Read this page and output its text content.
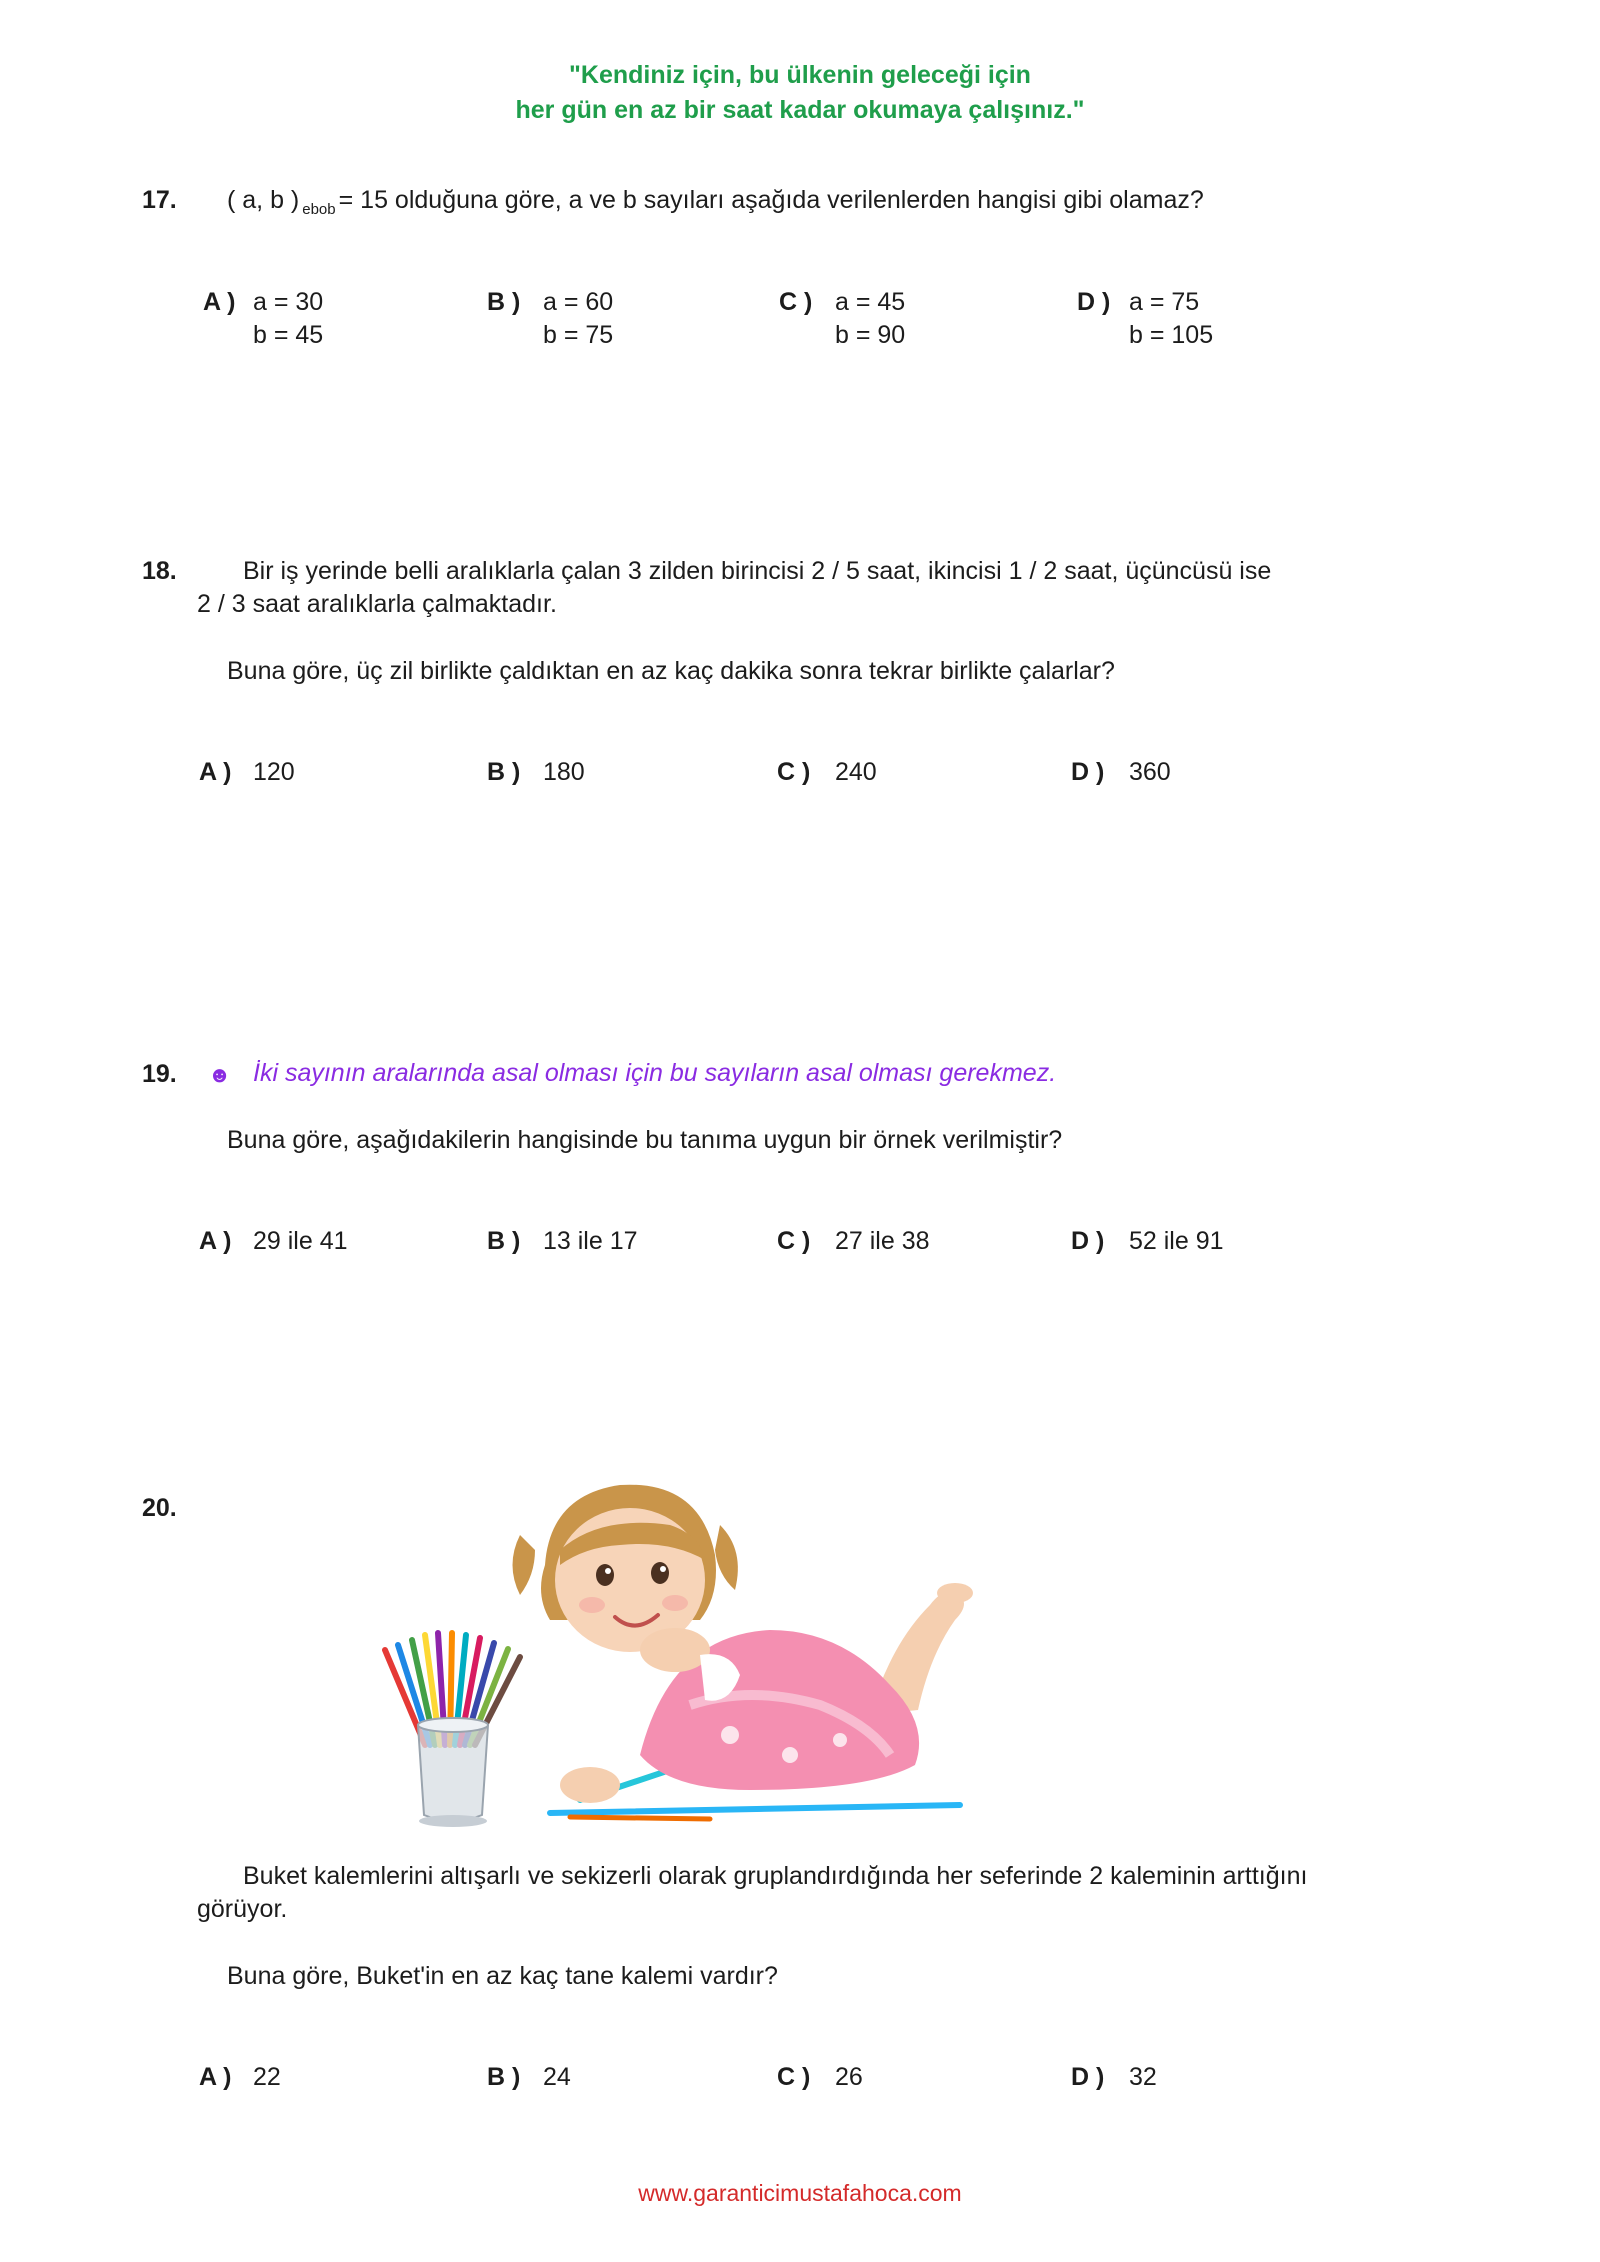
"Kendiniz için, bu ülkenin geleceği için
her gün en az bir saat kadar okumaya çalışınız."
17. ( a, b ) $_{ebob}$ = 15 olduğuna göre, a ve b sayıları aşağıda verilenlerden hangisi gibi olamaz?
A ) a = 30
b = 45
B ) a = 60
b = 75
C ) a = 45
b = 90
D ) a = 75
b = 105
18.	Bir iş yerinde belli aralıklarla çalan 3 zilden birincisi 2 / 5 saat, ikincisi 1 / 2 saat, üçüncüsü ise
2 / 3 saat aralıklarla çalmaktadır.
Buna göre, üç zil birlikte çaldıktan en az kaç dakika sonra tekrar birlikte çalarlar?
A ) 120	B ) 180	C ) 240	D ) 360
19. ☻ İki sayının aralarında asal olması için bu sayıların asal olması gerekmez.
Buna göre, aşağıdakilerin hangisinde bu tanıma uygun bir örnek verilmiştir?
A ) 29 ile 41	B ) 13 ile 17	C ) 27 ile 38	D ) 52 ile 91
20.
Buket kalemlerini altışarlı ve sekizerli olarak gruplandırdığında her seferinde 2 kaleminin arttığını
görüyor.
Buna göre, Buket'in en az kaç tane kalemi vardır?
A ) 22	B ) 24	C ) 26	D ) 32
www.garanticimustafahoca.com
